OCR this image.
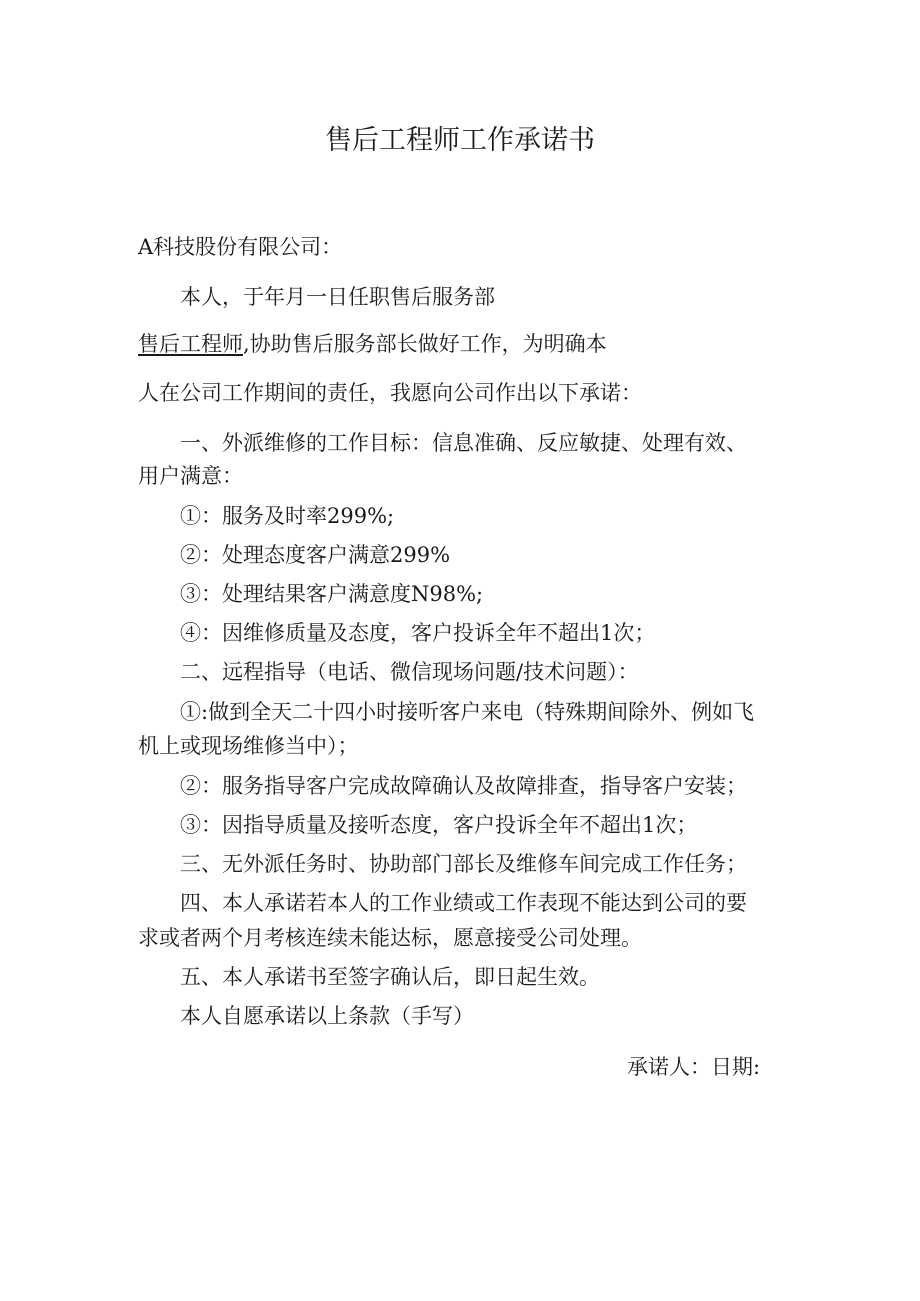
售后工程师工作承诺书
A科技股份有限公司：
本人，于年月一日任职售后服务部
售后工程师,协助售后服务部长做好工作，为明确本
人在公司工作期间的责任，我愿向公司作出以下承诺：
一、外派维修的工作目标：信息准确、反应敏捷、处理有效、
用户满意：
①：服务及时率299%;
②：处理态度客户满意299%
③：处理结果客户满意度N98%;
④：因维修质量及态度，客户投诉全年不超出1次；
二、远程指导（电话、微信现场问题/技术问题）：
①:做到全天二十四小时接听客户来电（特殊期间除外、例如飞
机上或现场维修当中）；
②：服务指导客户完成故障确认及故障排查，指导客户安装；
③：因指导质量及接听态度，客户投诉全年不超出1次；
三、无外派任务时、协助部门部长及维修车间完成工作任务；
四、本人承诺若本人的工作业绩或工作表现不能达到公司的要
求或者两个月考核连续未能达标，愿意接受公司处理。
五、本人承诺书至签字确认后，即日起生效。
本人自愿承诺以上条款（手写）
承诺人：日期:
